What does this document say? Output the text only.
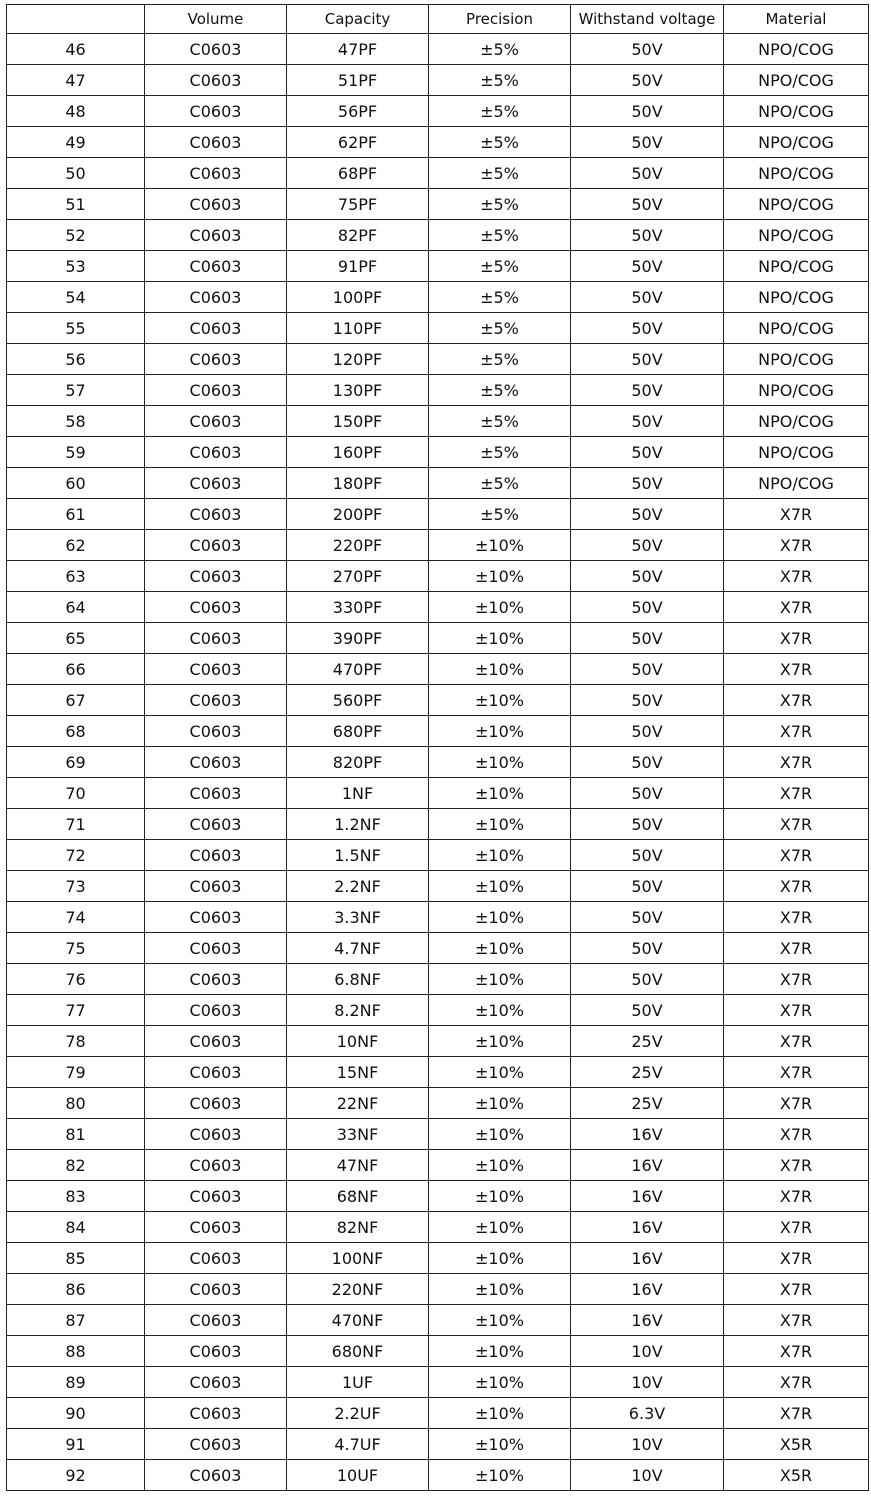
	Volume	Capacity	Precision	Withstand voltage	Material
46	C0603	47PF	±5%	50V	NPO/COG
47	C0603	51PF	±5%	50V	NPO/COG
48	C0603	56PF	±5%	50V	NPO/COG
49	C0603	62PF	±5%	50V	NPO/COG
50	C0603	68PF	±5%	50V	NPO/COG
51	C0603	75PF	±5%	50V	NPO/COG
52	C0603	82PF	±5%	50V	NPO/COG
53	C0603	91PF	±5%	50V	NPO/COG
54	C0603	100PF	±5%	50V	NPO/COG
55	C0603	110PF	±5%	50V	NPO/COG
56	C0603	120PF	±5%	50V	NPO/COG
57	C0603	130PF	±5%	50V	NPO/COG
58	C0603	150PF	±5%	50V	NPO/COG
59	C0603	160PF	±5%	50V	NPO/COG
60	C0603	180PF	±5%	50V	NPO/COG
61	C0603	200PF	±5%	50V	X7R
62	C0603	220PF	±10%	50V	X7R
63	C0603	270PF	±10%	50V	X7R
64	C0603	330PF	±10%	50V	X7R
65	C0603	390PF	±10%	50V	X7R
66	C0603	470PF	±10%	50V	X7R
67	C0603	560PF	±10%	50V	X7R
68	C0603	680PF	±10%	50V	X7R
69	C0603	820PF	±10%	50V	X7R
70	C0603	1NF	±10%	50V	X7R
71	C0603	1.2NF	±10%	50V	X7R
72	C0603	1.5NF	±10%	50V	X7R
73	C0603	2.2NF	±10%	50V	X7R
74	C0603	3.3NF	±10%	50V	X7R
75	C0603	4.7NF	±10%	50V	X7R
76	C0603	6.8NF	±10%	50V	X7R
77	C0603	8.2NF	±10%	50V	X7R
78	C0603	10NF	±10%	25V	X7R
79	C0603	15NF	±10%	25V	X7R
80	C0603	22NF	±10%	25V	X7R
81	C0603	33NF	±10%	16V	X7R
82	C0603	47NF	±10%	16V	X7R
83	C0603	68NF	±10%	16V	X7R
84	C0603	82NF	±10%	16V	X7R
85	C0603	100NF	±10%	16V	X7R
86	C0603	220NF	±10%	16V	X7R
87	C0603	470NF	±10%	16V	X7R
88	C0603	680NF	±10%	10V	X7R
89	C0603	1UF	±10%	10V	X7R
90	C0603	2.2UF	±10%	6.3V	X7R
91	C0603	4.7UF	±10%	10V	X5R
92	C0603	10UF	±10%	10V	X5R
